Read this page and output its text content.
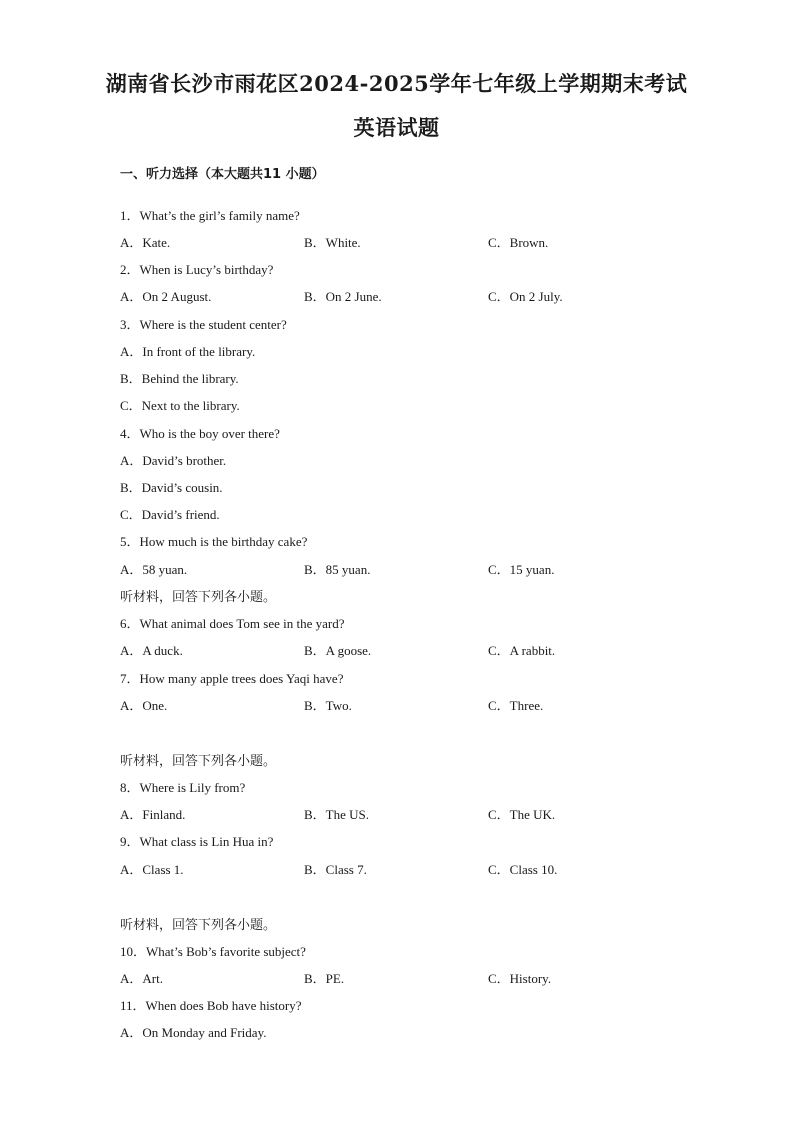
湖南省长沙市雨花区2024-2025学年七年级上学期期末考试
英语试题
一、听力选择（本大题共11 小题）
1．What’s the girl’s family name?
A．Kate.	B．White.	C．Brown.
2．When is Lucy’s birthday?
A．On 2 August.	B．On 2 June.	C．On 2 July.
3．Where is the student center?
A．In front of the library.
B．Behind the library.
C．Next to the library.
4．Who is the boy over there?
A．David’s brother.
B．David’s cousin.
C．David’s friend.
5．How much is the birthday cake?
A．58 yuan.	B．85 yuan.	C．15 yuan.
听材料，回答下列各小题。
6．What animal does Tom see in the yard?
A．A duck.	B．A goose.	C．A rabbit.
7．How many apple trees does Yaqi have?
A．One.	B．Two.	C．Three.
听材料，回答下列各小题。
8．Where is Lily from?
A．Finland.	B．The US.	C．The UK.
9．What class is Lin Hua in?
A．Class 1.	B．Class 7.	C．Class 10.
听材料，回答下列各小题。
10．What’s Bob’s favorite subject?
A．Art.	B．PE.	C．History.
11．When does Bob have history?
A．On Monday and Friday.
